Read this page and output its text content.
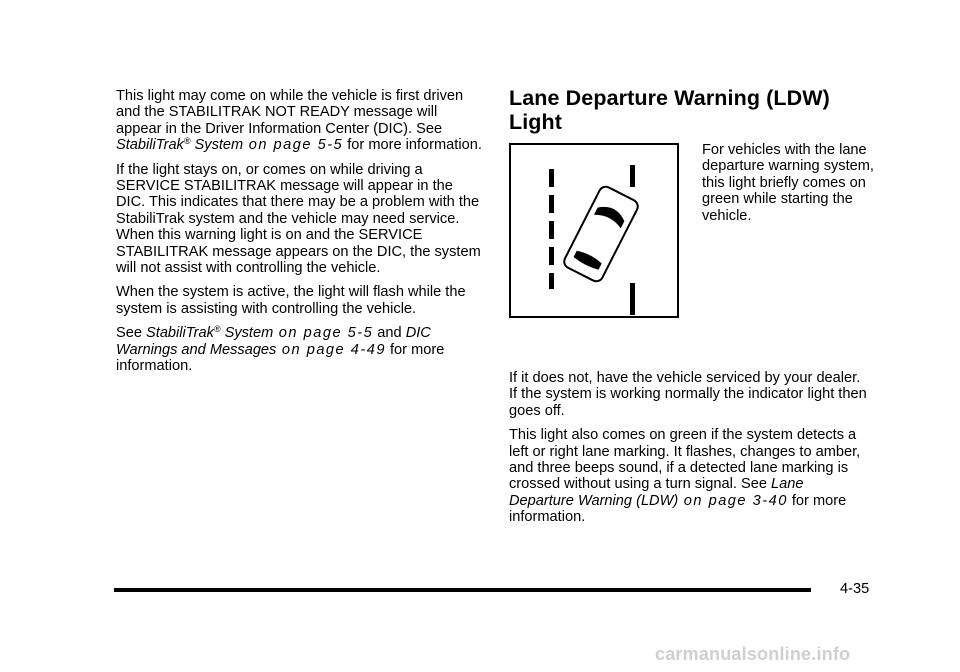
This light may come on while the vehicle is first driven and the STABILITRAK NOT READY message will appear in the Driver Information Center (DIC). See StabiliTrak® System on page 5-5 for more information.

If the light stays on, or comes on while driving a SERVICE STABILITRAK message will appear in the DIC. This indicates that there may be a problem with the StabiliTrak system and the vehicle may need service. When this warning light is on and the SERVICE STABILITRAK message appears on the DIC, the system will not assist with controlling the vehicle.

When the system is active, the light will flash while the system is assisting with controlling the vehicle.

See StabiliTrak® System on page 5-5 and DIC Warnings and Messages on page 4-49 for more information.

Lane Departure Warning (LDW) Light
For vehicles with the lane departure warning system, this light briefly comes on green while starting the vehicle.

If it does not, have the vehicle serviced by your dealer. If the system is working normally the indicator light then goes off.

This light also comes on green if the system detects a left or right lane marking. It flashes, changes to amber, and three beeps sound, if a detected lane marking is crossed without using a turn signal. See Lane Departure Warning (LDW) on page 3-40 for more information.

4-35
carmanualsonline.info
